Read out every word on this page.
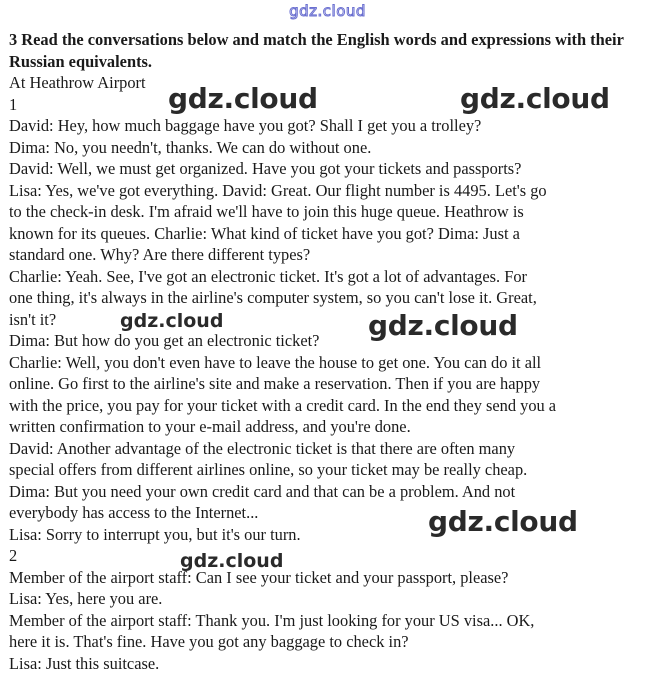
gdz.cloud
3 Read the conversations below and match the English words and expressions with their Russian equivalents.

At Heathrow Airport

1

David: Hey, how much baggage have you got? Shall I get you a trolley?

Dima: No, you needn't, thanks. We can do without one.

David: Well, we must get organized. Have you got your tickets and passports?

Lisa: Yes, we've got everything. David: Great. Our flight number is 4495. Let's go

to the check-in desk. I'm afraid we'll have to join this huge queue. Heathrow is

known for its queues. Charlie: What kind of ticket have you got? Dima: Just a

standard one. Why? Are there different types?

Charlie: Yeah. See, I've got an electronic ticket. It's got a lot of advantages. For

one thing, it's always in the airline's computer system, so you can't lose it. Great,

isn't it?

Dima: But how do you get an electronic ticket?

Charlie: Well, you don't even have to leave the house to get one. You can do it all

online. Go first to the airline's site and make a reservation. Then if you are happy

with the price, you pay for your ticket with a credit card. In the end they send you a

written confirmation to your e-mail address, and you're done.

David: Another advantage of the electronic ticket is that there are often many

special offers from different airlines online, so your ticket may be really cheap.

Dima: But you need your own credit card and that can be a problem. And not

everybody has access to the Internet...

Lisa: Sorry to interrupt you, but it's our turn.

2

Member of the airport staff: Can I see your ticket and your passport, please?

Lisa: Yes, here you are.

Member of the airport staff: Thank you. I'm just looking for your US visa... OK,

here it is. That's fine. Have you got any baggage to check in?

Lisa: Just this suitcase.

gdz.cloud	gdz.cloud
gdz.cloud	gdz.cloud
gdz.cloud
gdz.cloud
